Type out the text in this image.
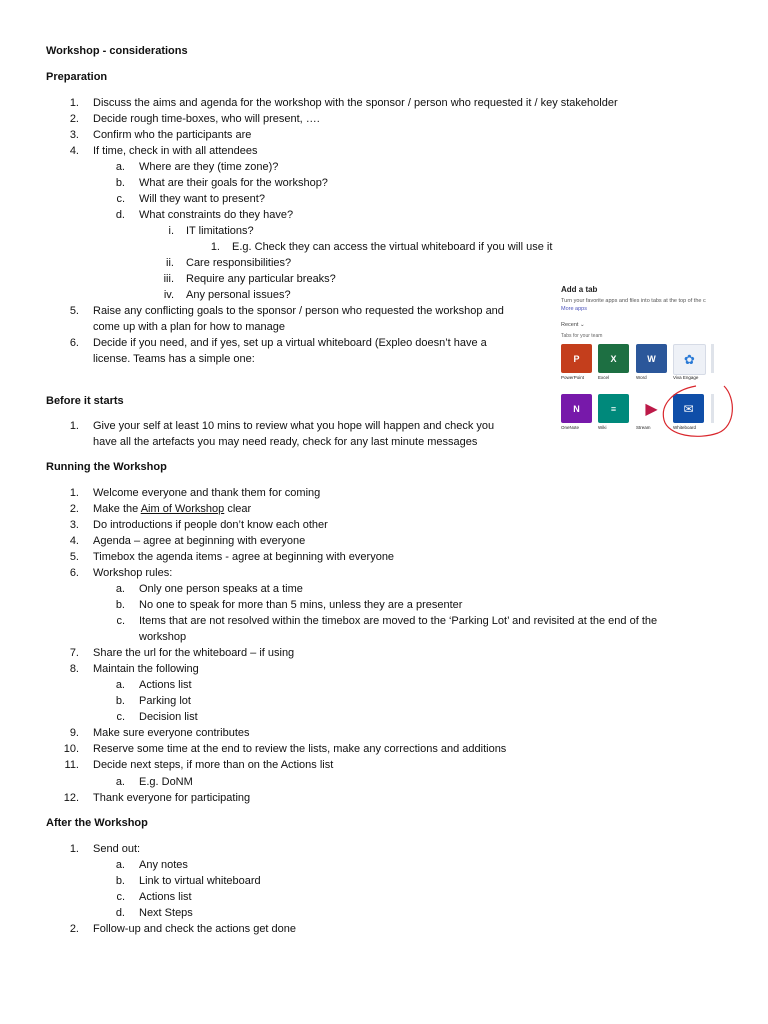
Workshop - considerations
Preparation
1. Discuss the aims and agenda for the workshop with the sponsor / person who requested it / key stakeholder
2. Decide rough time-boxes, who will present, ….
3. Confirm who the participants are
4. If time, check in with all attendees
a. Where are they (time zone)?
b. What are their goals for the workshop?
c. Will they want to present?
d. What constraints do they have?
i. IT limitations?
1. E.g. Check they can access the virtual whiteboard if you will use it
ii. Care responsibilities?
iii. Require any particular breaks?
iv. Any personal issues?
5. Raise any conflicting goals to the sponsor / person who requested the workshop and
come up with a plan for how to manage
6. Decide if you need, and if yes, set up a virtual whiteboard (Expleo doesn’t have a
license. Teams has a simple one:
Add a tab
Turn your favorite apps and files into tabs at the top of the c
More apps
Recent ⌄
Tabs for your team
P
PowerPoint
X
Excel
W
Word
✿
Viva Engage
N
OneNote
≡
Wiki
▶
Stream
✉
Whiteboard
Before it starts
1. Give your self at least 10 mins to review what you hope will happen and check you
have all the artefacts you may need ready, check for any last minute messages
Running the Workshop
1. Welcome everyone and thank them for coming
2. Make the Aim of Workshop clear
3. Do introductions if people don’t know each other
4. Agenda – agree at beginning with everyone
5. Timebox the agenda items - agree at beginning with everyone
6. Workshop rules:
a. Only one person speaks at a time
b. No one to speak for more than 5 mins, unless they are a presenter
c. Items that are not resolved within the timebox are moved to the ‘Parking Lot’ and revisited at the end of the
workshop
7. Share the url for the whiteboard – if using
8. Maintain the following
a. Actions list
b. Parking lot
c. Decision list
9. Make sure everyone contributes
10. Reserve some time at the end to review the lists, make any corrections and additions
11. Decide next steps, if more than on the Actions list
a. E.g. DoNM
12. Thank everyone for participating
After the Workshop
1. Send out:
a. Any notes
b. Link to virtual whiteboard
c. Actions list
d. Next Steps
2. Follow-up and check the actions get done
